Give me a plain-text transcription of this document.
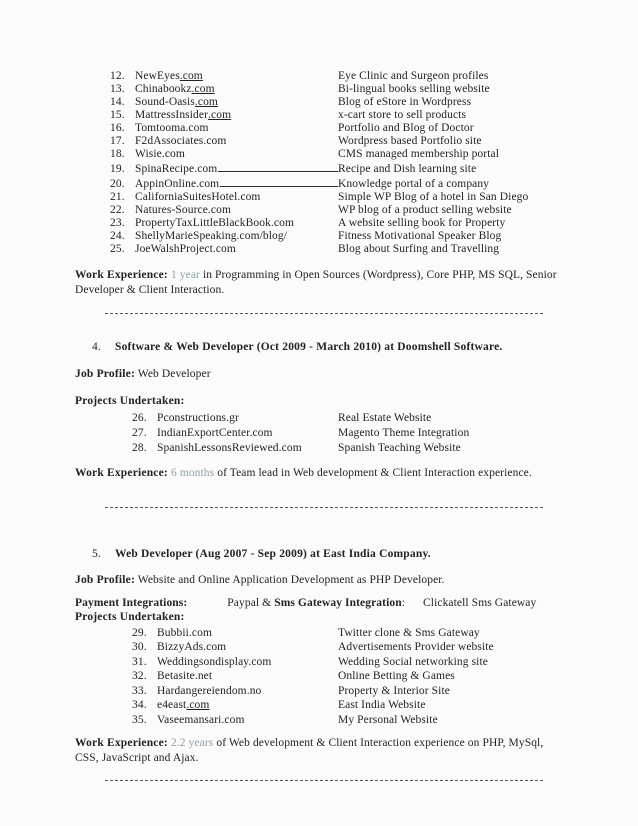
12. NewEyes .com	Eye Clinic and Surgeon profiles
13. Chinabookz .com	Bi-lingual books selling website
14. Sound-Oasis .com	Blog of eStore in Wordpress
15. MattressInsider .com	x-cart store to sell products
16. Tomtooma.com	Portfolio and Blog of Doctor
17. F2dAssociates.com	Wordpress based Portfolio site
18. Wisie.com	CMS managed membership portal
19. SpinaRecipe.com	Recipe and Dish learning site
20. AppinOnline.com	Knowledge portal of a company
21. CaliforniaSuitesHotel.com	Simple WP Blog of a hotel in San Diego
22. Natures-Source.com	WP blog of a product selling website
23. PropertyTaxLittleBlackBook.com	A website selling book for Property
24. ShellyMarieSpeaking.com/blog/	Fitness Motivational Speaker Blog
25. JoeWalshProject.com	Blog about Surfing and Travelling

Work Experience: 1 year in Programming in Open Sources (Wordpress), Core PHP, MS SQL, Senior Developer & Client Interaction.

4.	Software & Web Developer (Oct 2009 - March 2010) at Doomshell Software.

Job Profile: Web Developer

Projects Undertaken:

26. Pconstructions.gr	Real Estate Website
27. IndianExportCenter.com	Magento Theme Integration
28. SpanishLessonsReviewed.com	Spanish Teaching Website

Work Experience: 6 months of Team lead in Web development & Client Interaction experience.

5.	Web Developer (Aug 2007 - Sep 2009) at East India Company.

Job Profile: Website and Online Application Development as PHP Developer.

Payment Integrations:	Paypal & Sms Gateway Integration: Clickatell Sms Gateway

Projects Undertaken:

29. Bubbii.com	Twitter clone & Sms Gateway
30. BizzyAds.com	Advertisements Provider website
31. Weddingsondisplay.com	Wedding Social networking site
32. Betasite.net	Online Betting & Games
33. Hardangereiendom.no	Property & Interior Site
34. e4east .com	East India Website
35. Vaseemansari.com	My Personal Website

Work Experience: 2.2 years of Web development & Client Interaction experience on PHP, MySql, CSS, JavaScript and Ajax.
